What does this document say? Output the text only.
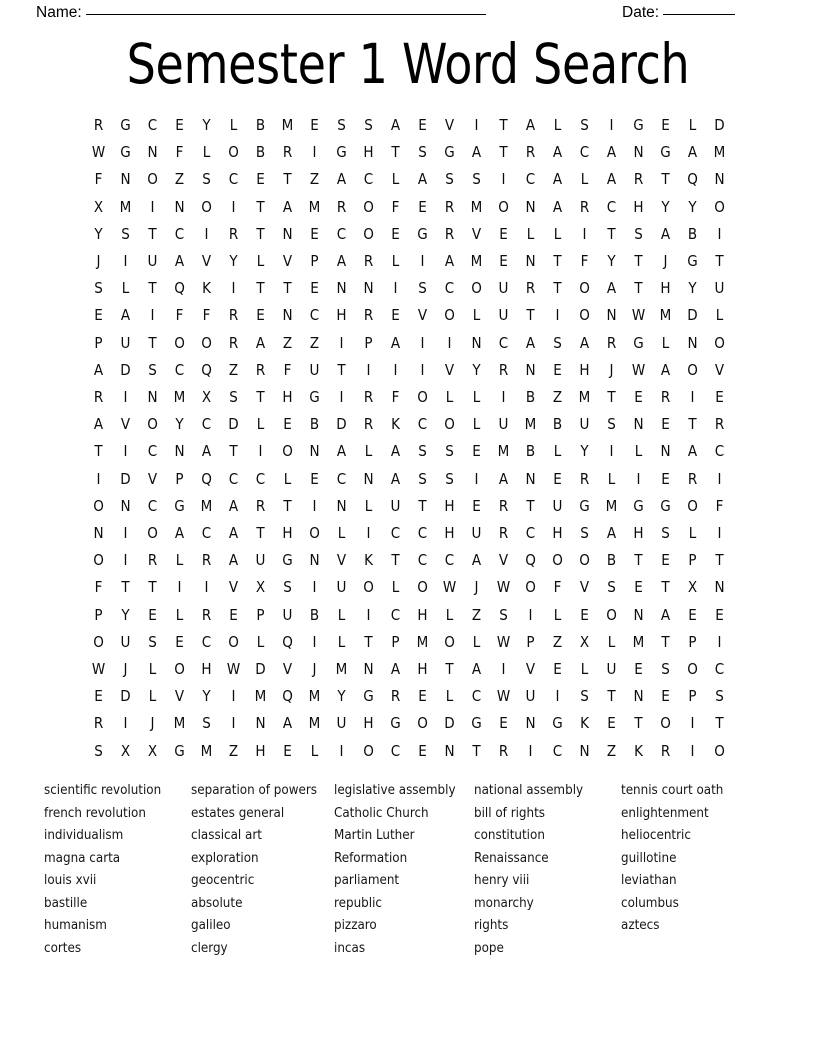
Name:	Date:
Semester 1 Word Search
R	G	C	E	Y	L	B	M	E	S	S	A	E	V	I	T	A	L	S	I	G	E	L	D
W	G	N	F	L	O	B	R	I	G	H	T	S	G	A	T	R	A	C	A	N	G	A	M
F	N	O	Z	S	C	E	T	Z	A	C	L	A	S	S	I	C	A	L	A	R	T	Q	N
X	M	I	N	O	I	T	A	M	R	O	F	E	R	M	O	N	A	R	C	H	Y	Y	O
Y	S	T	C	I	R	T	N	E	C	O	E	G	R	V	E	L	L	I	T	S	A	B	I
J	I	U	A	V	Y	L	V	P	A	R	L	I	A	M	E	N	T	F	Y	T	J	G	T
S	L	T	Q	K	I	T	T	E	N	N	I	S	C	O	U	R	T	O	A	T	H	Y	U
E	A	I	F	F	R	E	N	C	H	R	E	V	O	L	U	T	I	O	N	W	M	D	L
P	U	T	O	O	R	A	Z	Z	I	P	A	I	I	N	C	A	S	A	R	G	L	N	O
A	D	S	C	Q	Z	R	F	U	T	I	I	I	V	Y	R	N	E	H	J	W	A	O	V
R	I	N	M	X	S	T	H	G	I	R	F	O	L	L	I	B	Z	M	T	E	R	I	E
A	V	O	Y	C	D	L	E	B	D	R	K	C	O	L	U	M	B	U	S	N	E	T	R
T	I	C	N	A	T	I	O	N	A	L	A	S	S	E	M	B	L	Y	I	L	N	A	C
I	D	V	P	Q	C	C	L	E	C	N	A	S	S	I	A	N	E	R	L	I	E	R	I
O	N	C	G	M	A	R	T	I	N	L	U	T	H	E	R	T	U	G	M	G	G	O	F
N	I	O	A	C	A	T	H	O	L	I	C	C	H	U	R	C	H	S	A	H	S	L	I
O	I	R	L	R	A	U	G	N	V	K	T	C	C	A	V	Q	O	O	B	T	E	P	T
F	T	T	I	I	V	X	S	I	U	O	L	O	W	J	W	O	F	V	S	E	T	X	N
P	Y	E	L	R	E	P	U	B	L	I	C	H	L	Z	S	I	L	E	O	N	A	E	E
O	U	S	E	C	O	L	Q	I	L	T	P	M	O	L	W	P	Z	X	L	M	T	P	I
W	J	L	O	H	W	D	V	J	M	N	A	H	T	A	I	V	E	L	U	E	S	O	C
E	D	L	V	Y	I	M	Q	M	Y	G	R	E	L	C	W	U	I	S	T	N	E	P	S
R	I	J	M	S	I	N	A	M	U	H	G	O	D	G	E	N	G	K	E	T	O	I	T
S	X	X	G	M	Z	H	E	L	I	O	C	E	N	T	R	I	C	N	Z	K	R	I	O
scientific revolution
french revolution
individualism
magna carta
louis xvii
bastille
humanism
cortes
separation of powers
estates general
classical art
exploration
geocentric
absolute
galileo
clergy
legislative assembly
Catholic Church
Martin Luther
Reformation
parliament
republic
pizzaro
incas
national assembly
bill of rights
constitution
Renaissance
henry viii
monarchy
rights
pope
tennis court oath
enlightenment
heliocentric
guillotine
leviathan
columbus
aztecs
